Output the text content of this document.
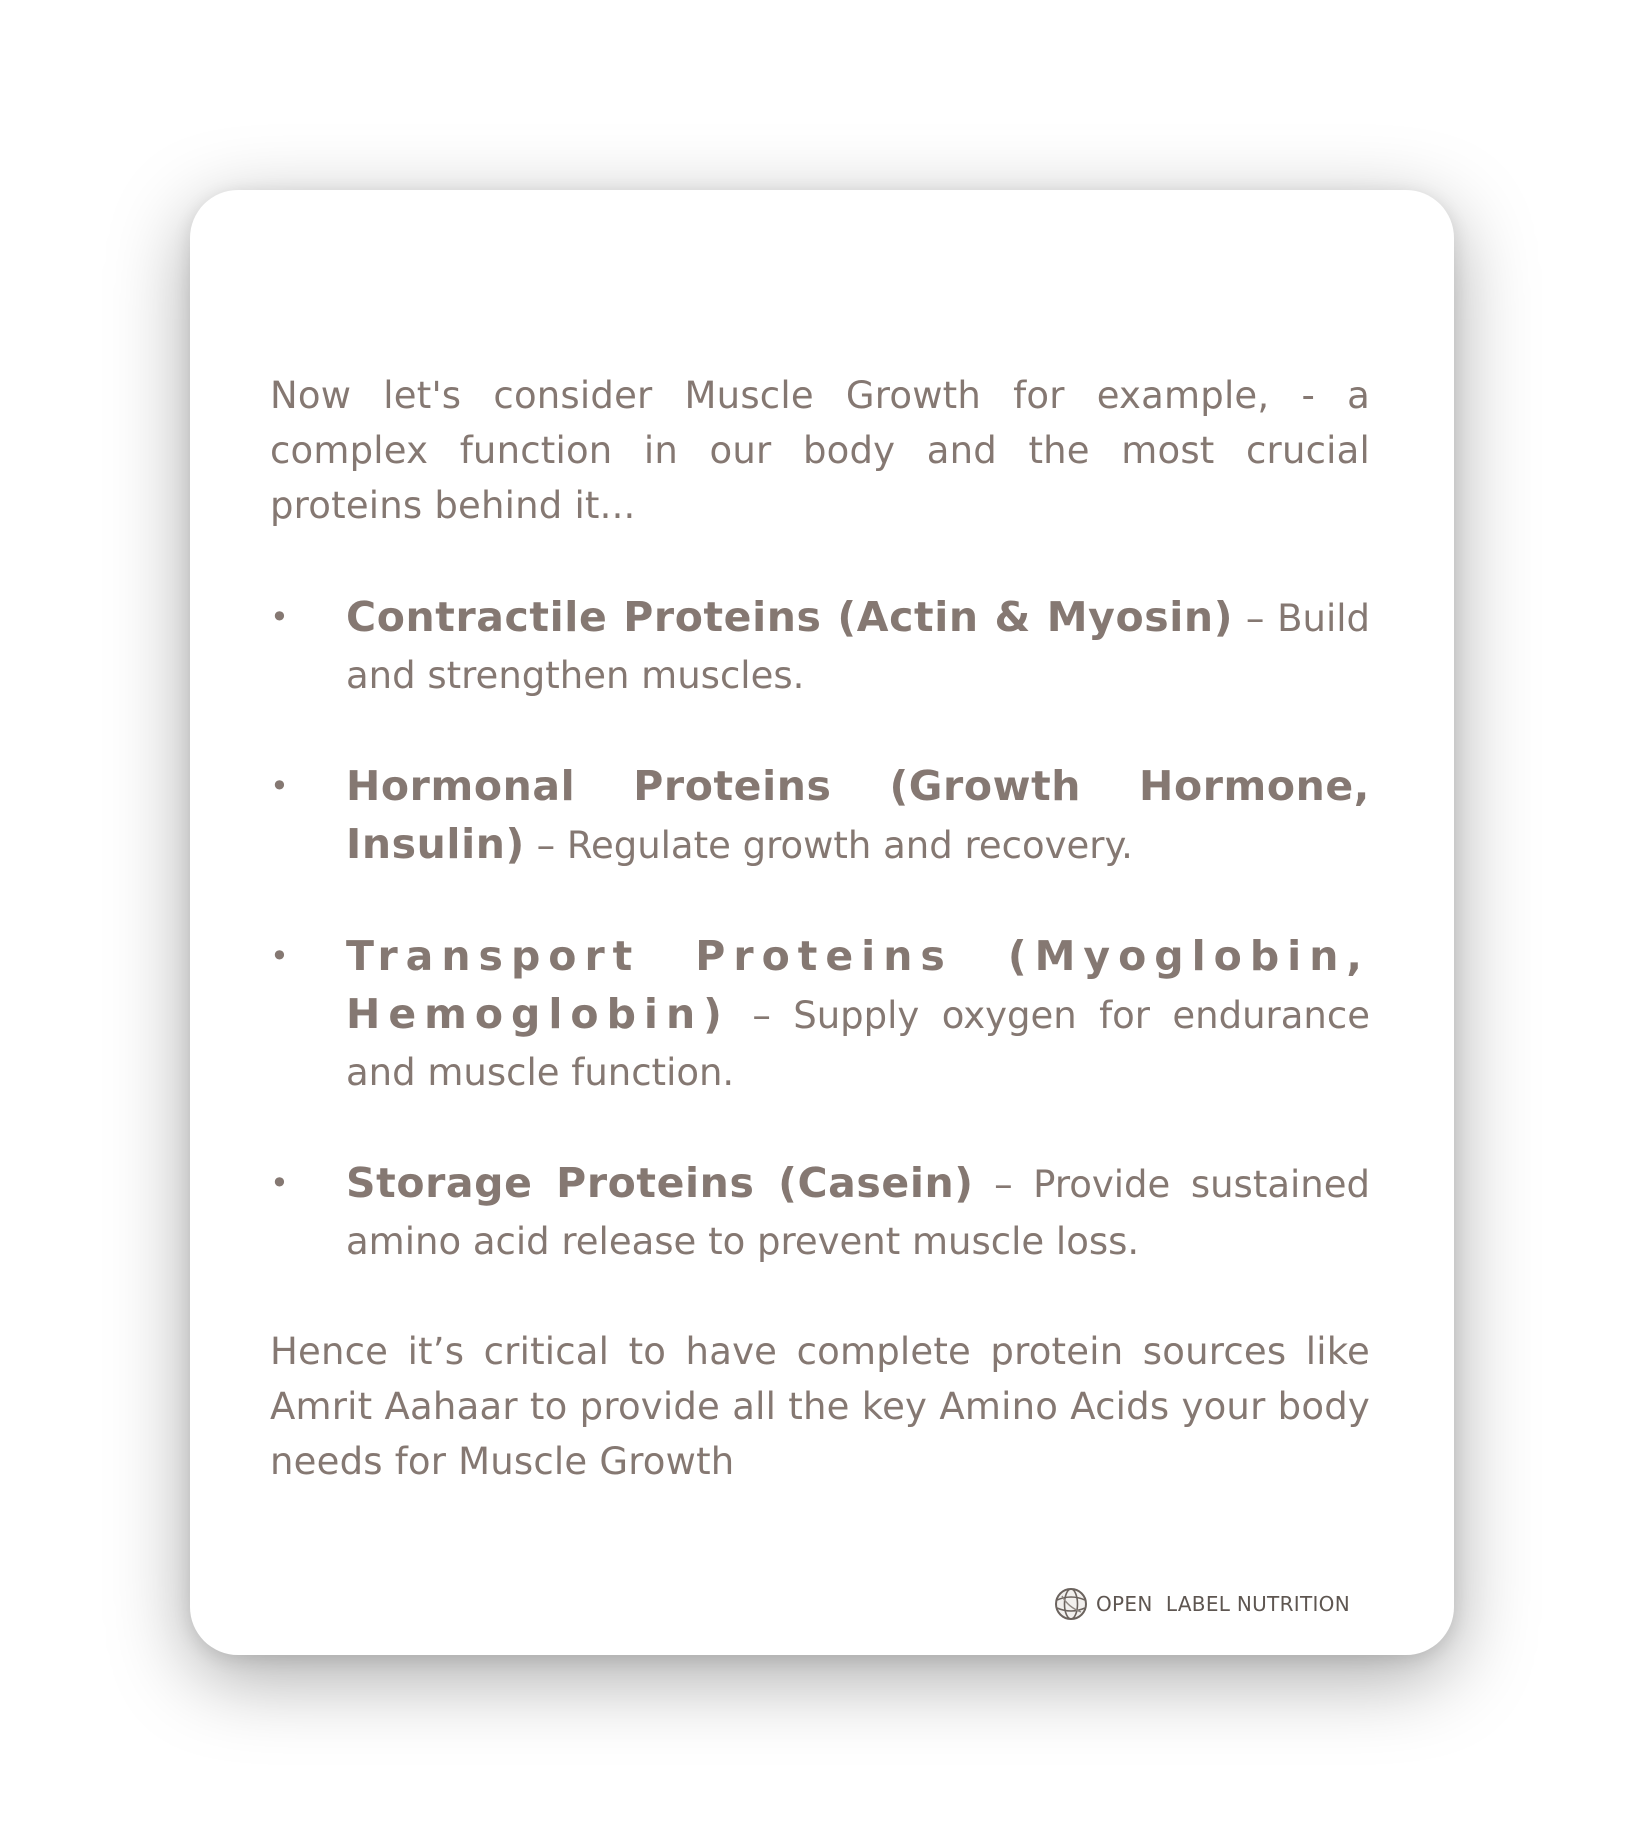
Now let's consider Muscle Growth for example, - a complex function in our body and the most crucial proteins behind it...

• Contractile Proteins (Actin & Myosin) – Build and strengthen muscles.
• Hormonal Proteins (Growth Hormone, Insulin) – Regulate growth and recovery.
• Transport Proteins (Myoglobin, Hemoglobin) – Supply oxygen for endurance and muscle function.
• Storage Proteins (Casein) – Provide sustained amino acid release to prevent muscle loss.

Hence it’s critical to have complete protein sources like Amrit Aahaar to provide all the key Amino Acids your body needs for Muscle Growth

OPEN  LABEL NUTRITION
